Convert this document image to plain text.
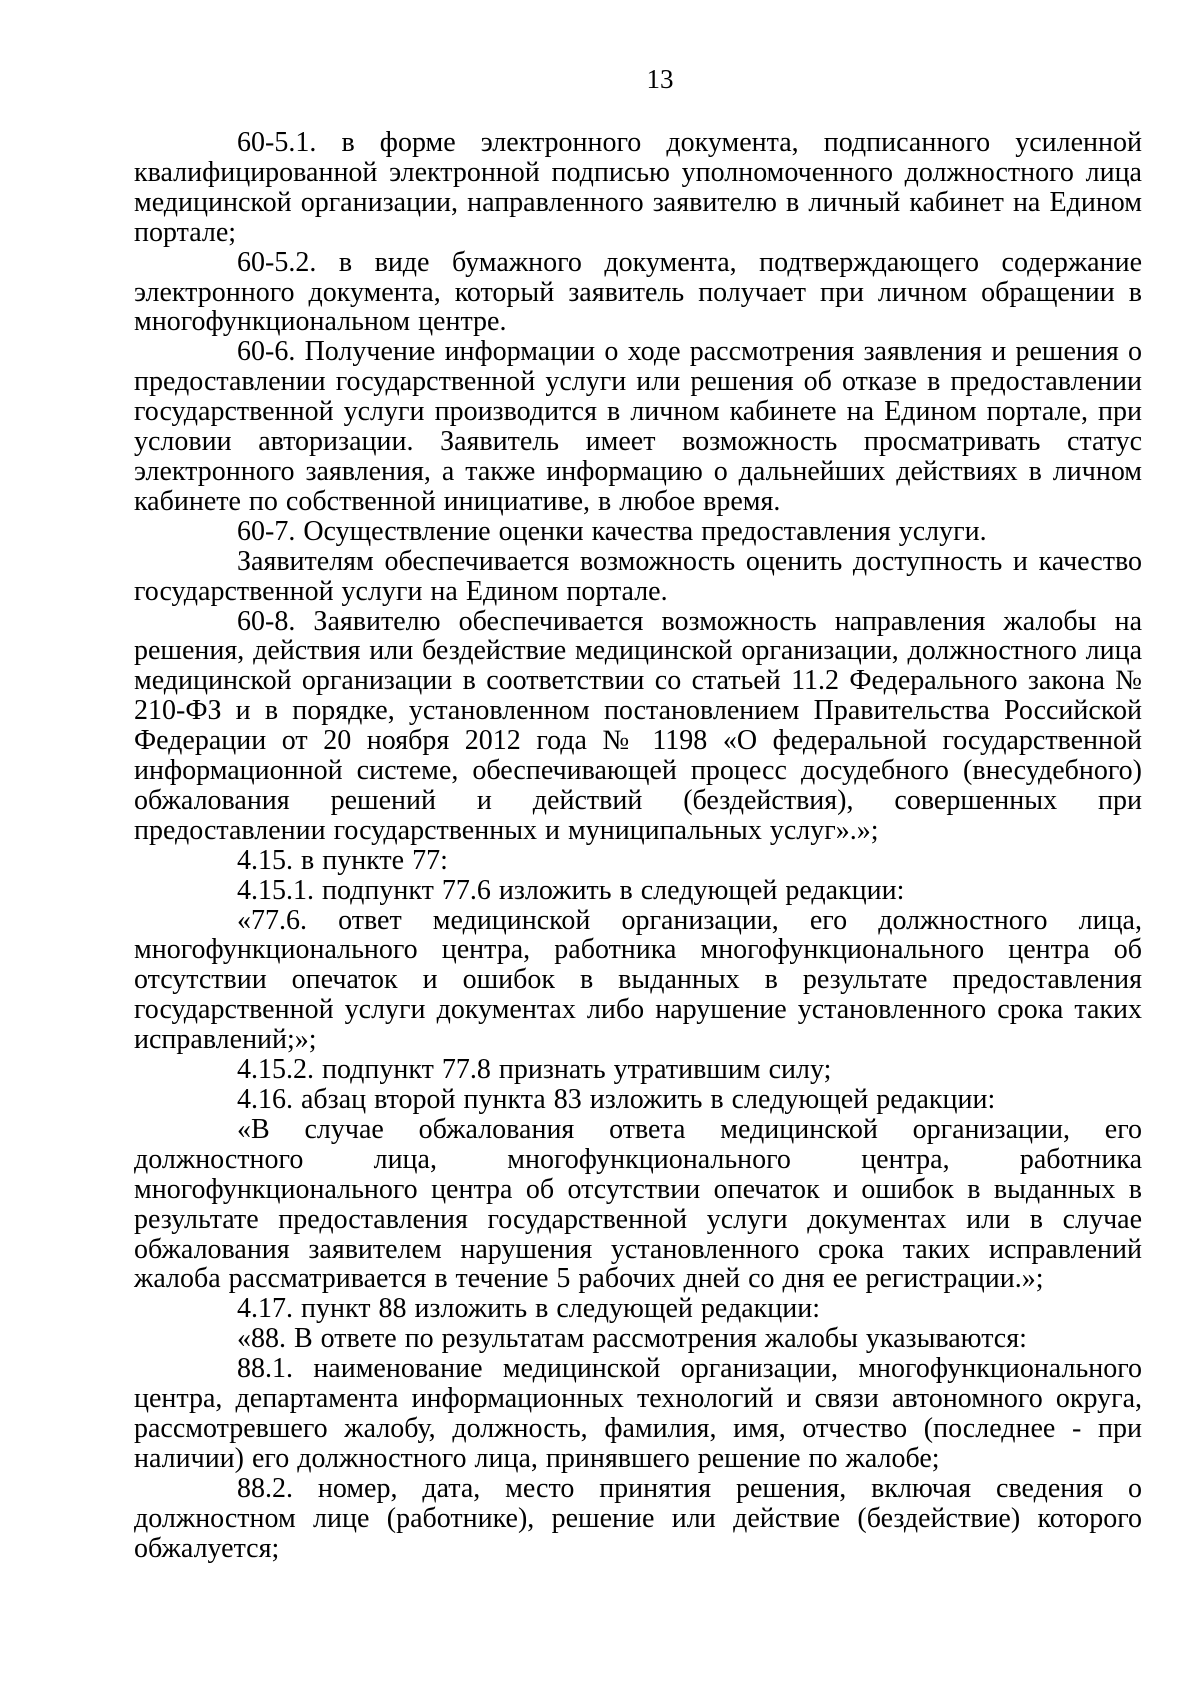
13

60-5.1. в форме электронного документа, подписанного усиленной квалифицированной электронной подписью уполномоченного должностного лица медицинской организации, направленного заявителю в личный кабинет на Едином портале;

60-5.2. в виде бумажного документа, подтверждающего содержание электронного документа, который заявитель получает при личном обращении в многофункциональном центре.

60-6. Получение информации о ходе рассмотрения заявления и решения о предоставлении государственной услуги или решения об отказе в предоставлении государственной услуги производится в личном кабинете на Едином портале, при условии авторизации. Заявитель имеет возможность просматривать статус электронного заявления, а также информацию о дальнейших действиях в личном кабинете по собственной инициативе, в любое время.

60-7. Осуществление оценки качества предоставления услуги.

Заявителям обеспечивается возможность оценить доступность и качество государственной услуги на Едином портале.

60-8. Заявителю обеспечивается возможность направления жалобы на решения, действия или бездействие медицинской организации, должностного лица медицинской организации в соответствии со статьей 11.2 Федерального закона № 210-ФЗ и в порядке, установленном постановлением Правительства Российской Федерации от 20 ноября 2012 года № 1198 «О федеральной государственной информационной системе, обеспечивающей процесс досудебного (внесудебного) обжалования решений и действий (бездействия), совершенных при предоставлении государственных и муниципальных услуг».»;

4.15. в пункте 77:

4.15.1. подпункт 77.6 изложить в следующей редакции:

«77.6. ответ медицинской организации, его должностного лица, многофункционального центра, работника многофункционального центра об отсутствии опечаток и ошибок в выданных в результате предоставления государственной услуги документах либо нарушение установленного срока таких исправлений;»;

4.15.2. подпункт 77.8 признать утратившим силу;

4.16. абзац второй пункта 83 изложить в следующей редакции:

«В случае обжалования ответа медицинской организации, его должностного лица, многофункционального центра, работника многофункционального центра об отсутствии опечаток и ошибок в выданных в результате предоставления государственной услуги документах или в случае обжалования заявителем нарушения установленного срока таких исправлений жалоба рассматривается в течение 5 рабочих дней со дня ее регистрации.»;

4.17. пункт 88 изложить в следующей редакции:

«88. В ответе по результатам рассмотрения жалобы указываются:

88.1. наименование медицинской организации, многофункционального центра, департамента информационных технологий и связи автономного округа, рассмотревшего жалобу, должность, фамилия, имя, отчество (последнее - при наличии) его должностного лица, принявшего решение по жалобе;

88.2. номер, дата, место принятия решения, включая сведения о должностном лице (работнике), решение или действие (бездействие) которого обжалуется;
